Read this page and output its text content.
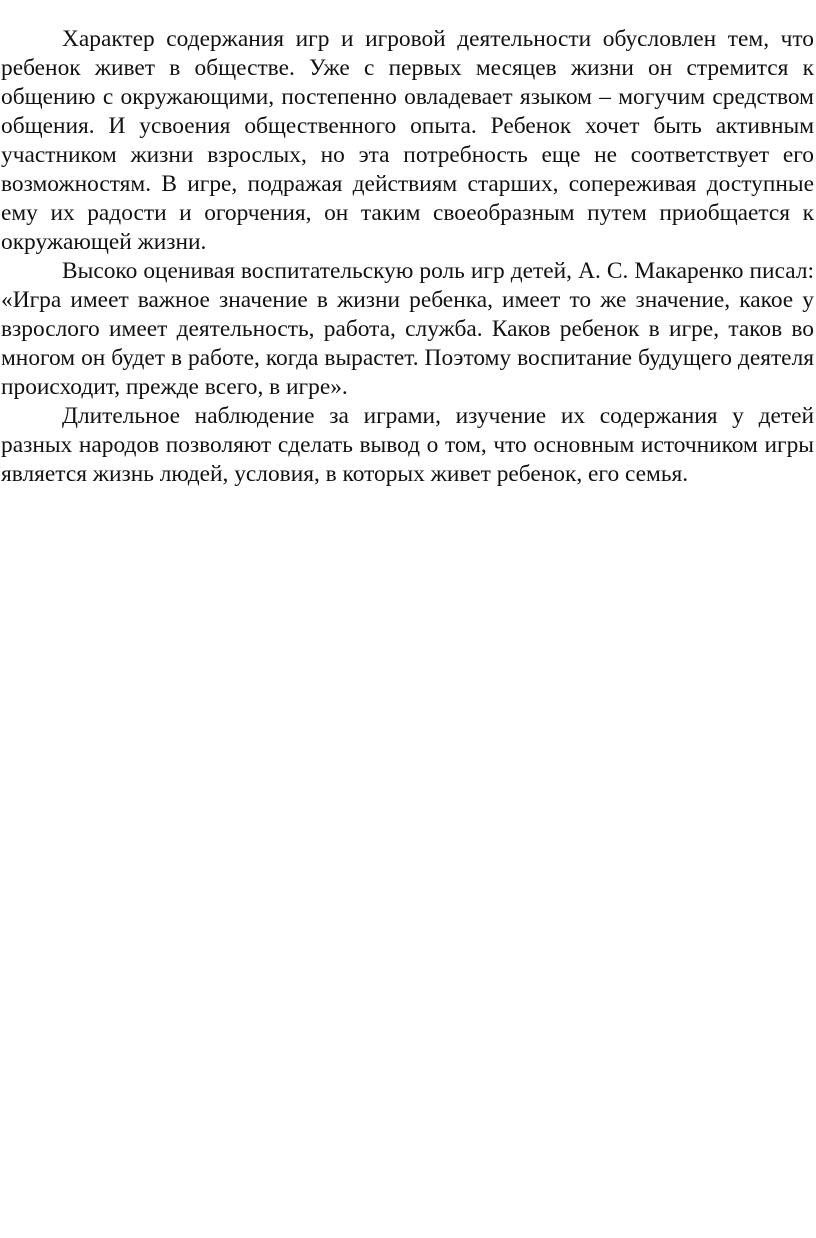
Характер содержания игр и игровой деятельности обусловлен тем, что ребенок живет в обществе. Уже с первых месяцев жизни он стремится к общению с окружающими, постепенно овладевает языком – могучим средством общения. И усвоения общественного опыта. Ребенок хочет быть активным участником жизни взрослых, но эта потребность еще не соответствует его возможностям. В игре, подражая действиям старших, сопереживая доступные ему их радости и огорчения, он таким своеобразным путем приобщается к окружающей жизни.

Высоко оценивая воспитательскую роль игр детей, А. С. Макаренко писал: «Игра имеет важное значение в жизни ребенка, имеет то же значение, какое у взрослого имеет деятельность, работа, служба. Каков ребенок в игре, таков во многом он будет в работе, когда вырастет. Поэтому воспитание будущего деятеля происходит, прежде всего, в игре».

Длительное наблюдение за играми, изучение их содержания у детей разных народов позволяют сделать вывод о том, что основным источником игры является жизнь людей, условия, в которых живет ребенок, его семья.
